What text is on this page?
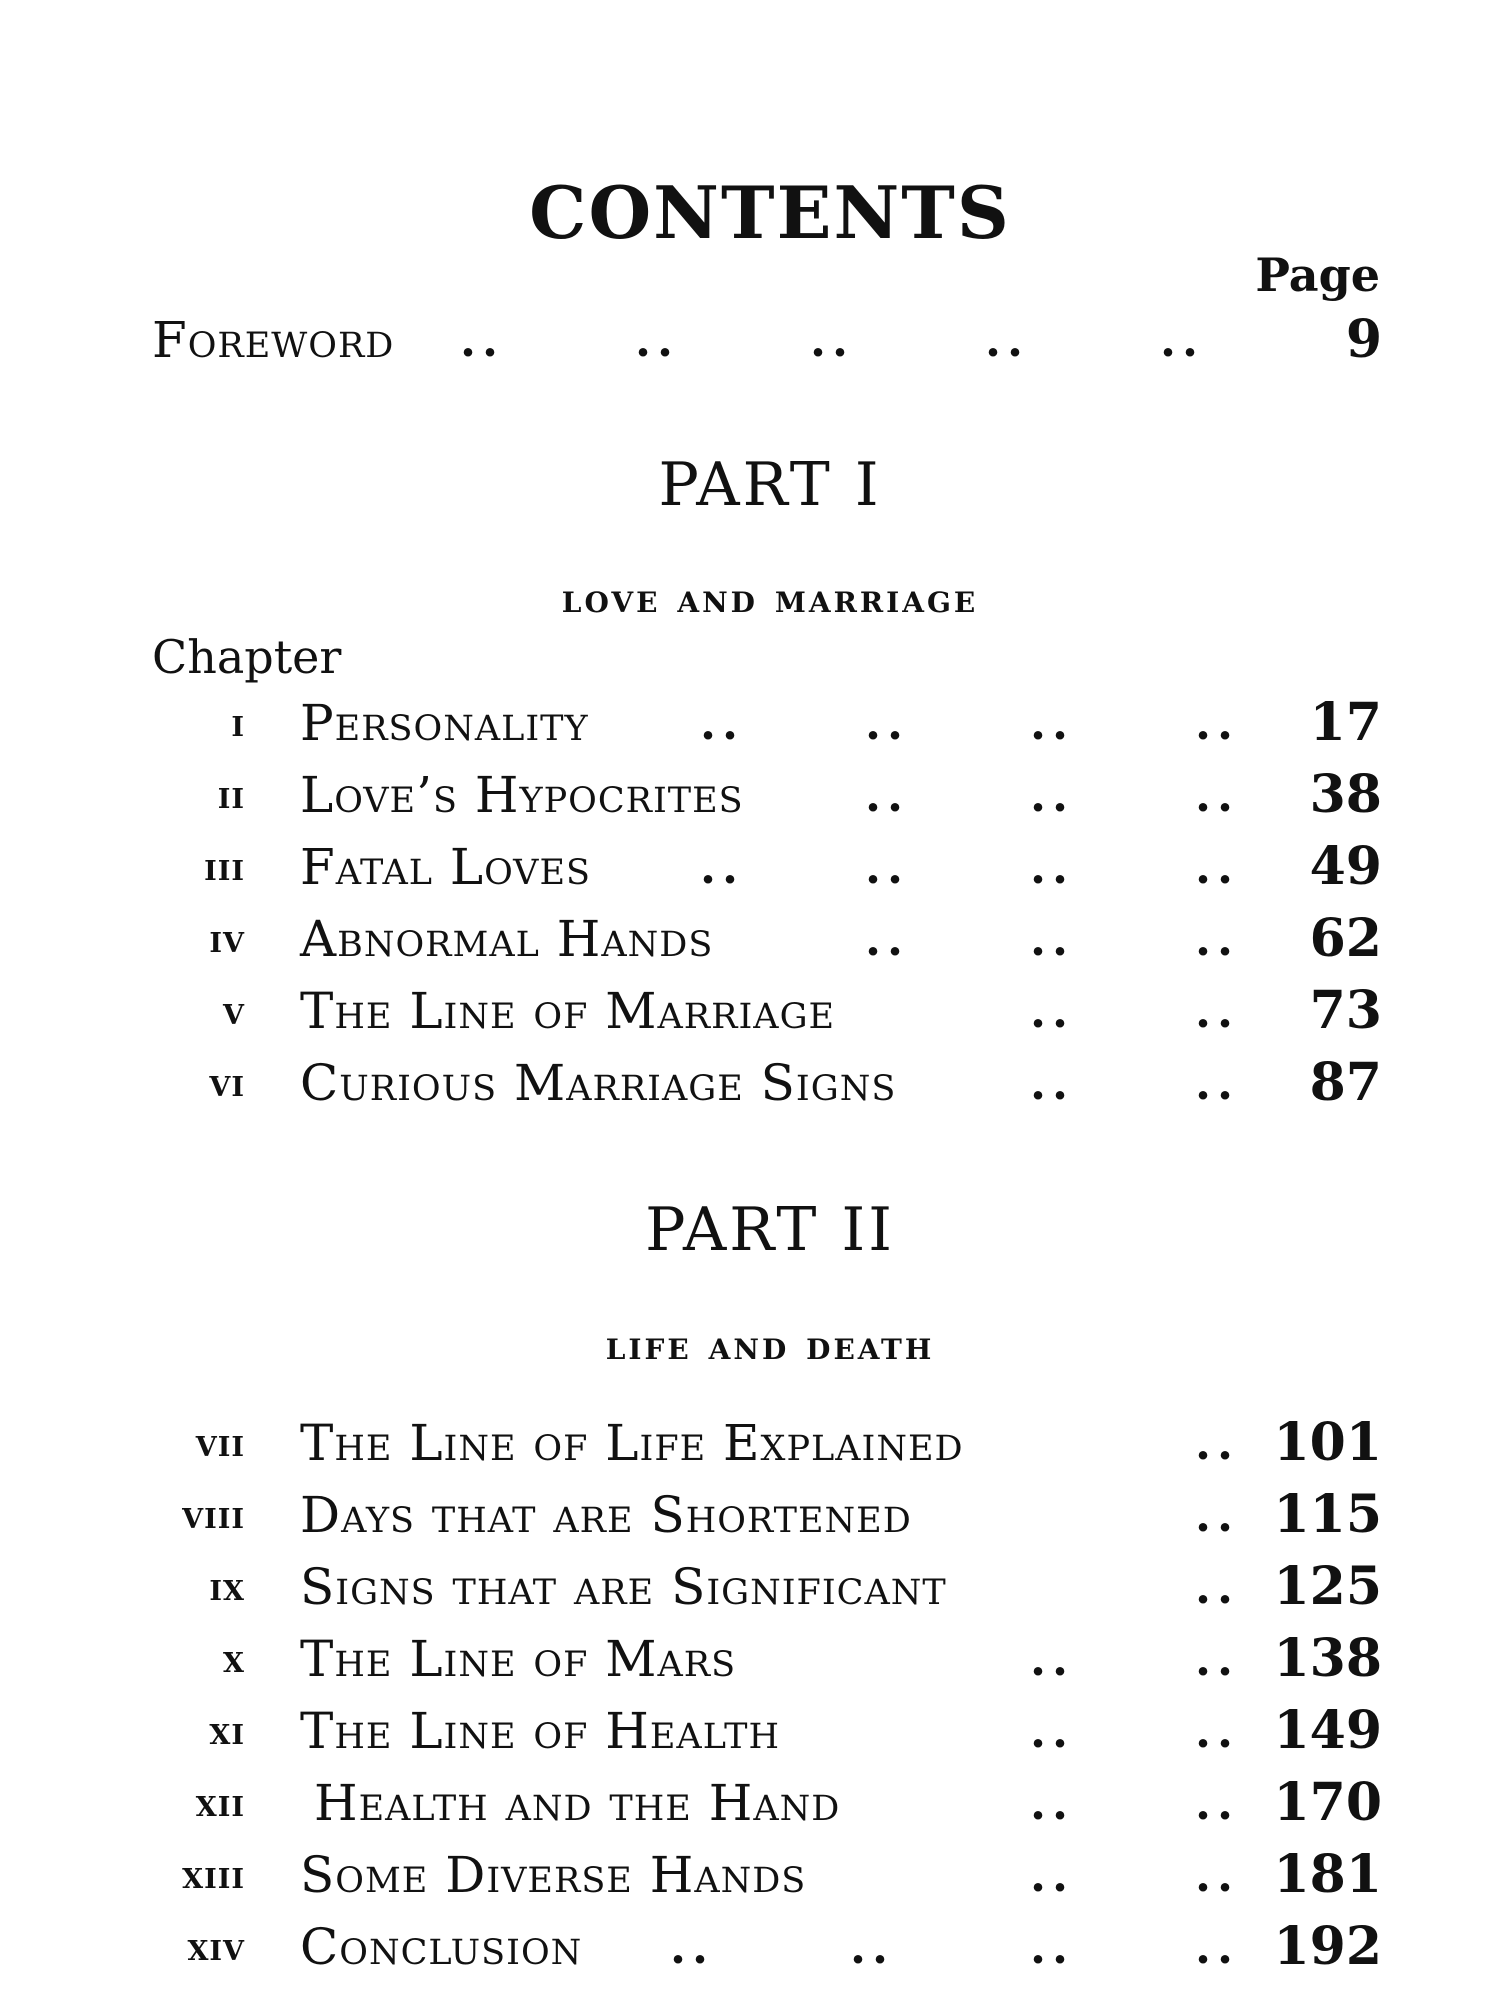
CONTENTS
Page
Foreword ..	..	..	..	..	9
PART I
love and marriage
Chapter
i Personality ..	..	..	.. 17
ii Love’s Hypocrites	..	..	.. 38
iii Fatal Loves ..	..	..	.. 49
iv Abnormal Hands	..	..	.. 62
v The Line of Marriage	..	.. 73
vi Curious Marriage Signs	..	.. 87
PART II
life and death
vii The Line of Life Explained	.. 101
viii Days that are Shortened	.. 115
ix Signs that are Significant	.. 125
x The Line of Mars	..	.. 138
xi The Line of Health	..	.. 149
xii Health and the Hand	..	.. 170
xiii Some Diverse Hands	..	.. 181
xiv Conclusion ..	..	..	.. 192
